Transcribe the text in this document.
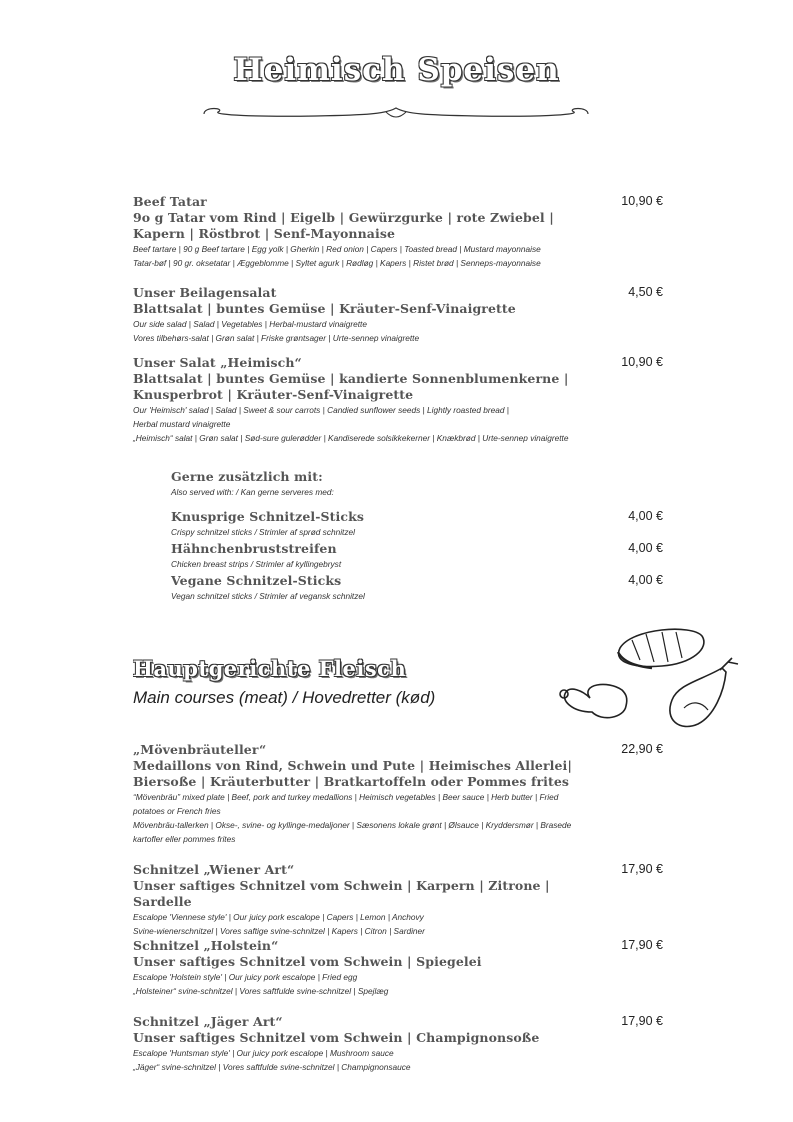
Heimisch Speisen
Beef Tatar
9o g Tatar vom Rind | Eigelb | Gewürzgurke | rote Zwiebel | Kapern | Röstbrot | Senf-Mayonnaise
Beef tartare | 90 g Beef tartare | Egg yolk | Gherkin | Red onion | Capers | Toasted bread | Mustard mayonnaise
Tatar-bøf | 90 gr. oksetatar | Æggeblomme | Syltet agurk | Rødløg | Kapers | Ristet brød | Senneps-mayonnaise
10,90 €
Unser Beilagensalat
Blattsalat | buntes Gemüse | Kräuter-Senf-Vinaigrette
Our side salad | Salad | Vegetables | Herbal-mustard vinaigrette
Vores tilbehørs-salat | Grøn salat | Friske grøntsager | Urte-sennep vinaigrette
4,50 €
Unser Salat „Heimisch“
Blattsalat | buntes Gemüse | kandierte Sonnenblumenkerne | Knusperbrot | Kräuter-Senf-Vinaigrette
Our 'Heimisch' salad | Salad | Sweet & sour carrots | Candied sunflower seeds | Lightly roasted bread | Herbal mustard vinaigrette
„Heimisch“ salat | Grøn salat | Sød-sure gulerødder | Kandiserede solsikkekerner | Knækbrød | Urte-sennep vinaigrette
10,90 €
Gerne zusätzlich mit:
Also served with: / Kan gerne serveres med:
Knusprige Schnitzel-Sticks
Crispy schnitzel sticks / Strimler af sprød schnitzel
4,00 €
Hähnchenbruststreifen
Chicken breast strips / Strimler af kyllingebryst
4,00 €
Vegane Schnitzel-Sticks
Vegan schnitzel sticks / Strimler af vegansk schnitzel
4,00 €
Hauptgerichte Fleisch
Main courses (meat) / Hovedretter (kød)
„Mövenbräuteller“
Medaillons von Rind, Schwein und Pute | Heimisches Allerlei| Biersoße | Kräuterbutter | Bratkartoffeln oder Pommes frites
“Mövenbräu” mixed plate | Beef, pork and turkey medallions | Heimisch vegetables | Beer sauce | Herb butter | Fried potatoes or French fries
Mövenbräu-tallerken | Okse-, svine- og kyllinge-medaljoner | Sæsonens lokale grønt | Ølsauce | Kryddersmør | Brasede kartofler eller pommes frites
22,90 €
Schnitzel „Wiener Art“
Unser saftiges Schnitzel vom Schwein | Karpern | Zitrone | Sardelle
Escalope 'Viennese style' | Our juicy pork escalope | Capers | Lemon | Anchovy
Svine-wienerschnitzel | Vores saftige svine-schnitzel | Kapers | Citron | Sardiner
17,90 €
Schnitzel „Holstein“
Unser saftiges Schnitzel vom Schwein | Spiegelei
Escalope 'Holstein style' | Our juicy pork escalope | Fried egg
„Holsteiner“ svine-schnitzel | Vores saftfulde svine-schnitzel | Spejlæg
17,90 €
Schnitzel „Jäger Art“
Unser saftiges Schnitzel vom Schwein | Champignonsoße
Escalope 'Huntsman style' | Our juicy pork escalope | Mushroom sauce
„Jäger“ svine-schnitzel | Vores saftfulde svine-schnitzel | Champignonsauce
17,90 €
